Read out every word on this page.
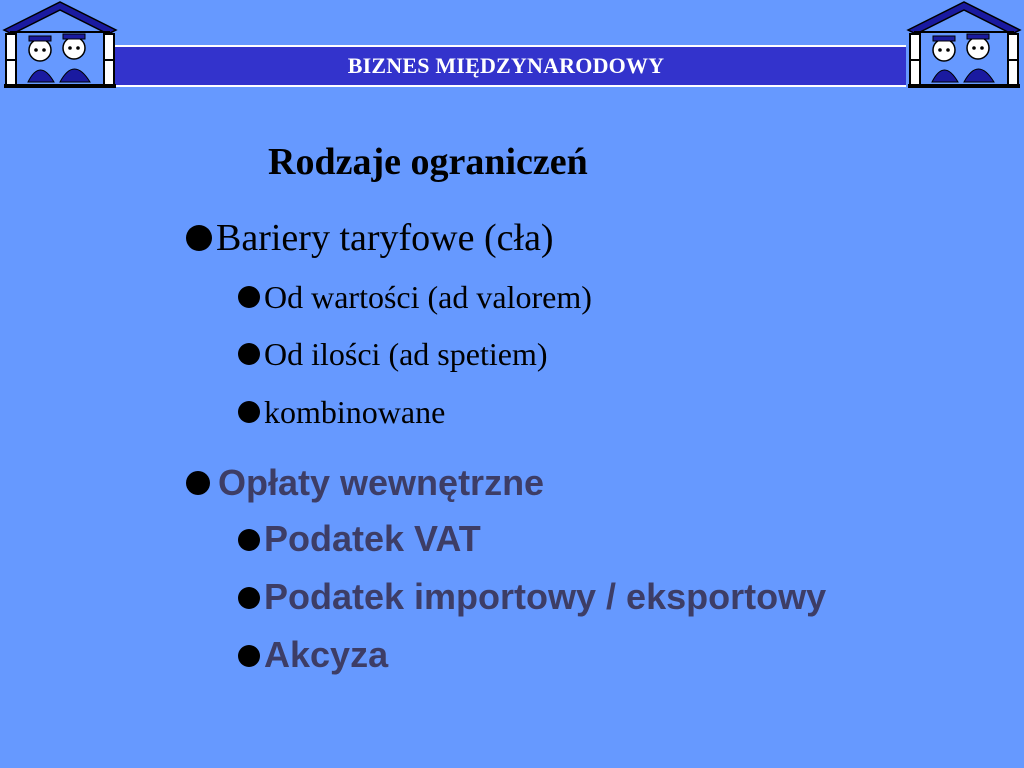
BIZNES MIĘDZYNARODOWY
Rodzaje ograniczeń
Bariery taryfowe (cła)
Od wartości (ad valorem)
Od ilości (ad spetiem)
kombinowane
Opłaty wewnętrzne
Podatek VAT
Podatek importowy / eksportowy
Akcyza
